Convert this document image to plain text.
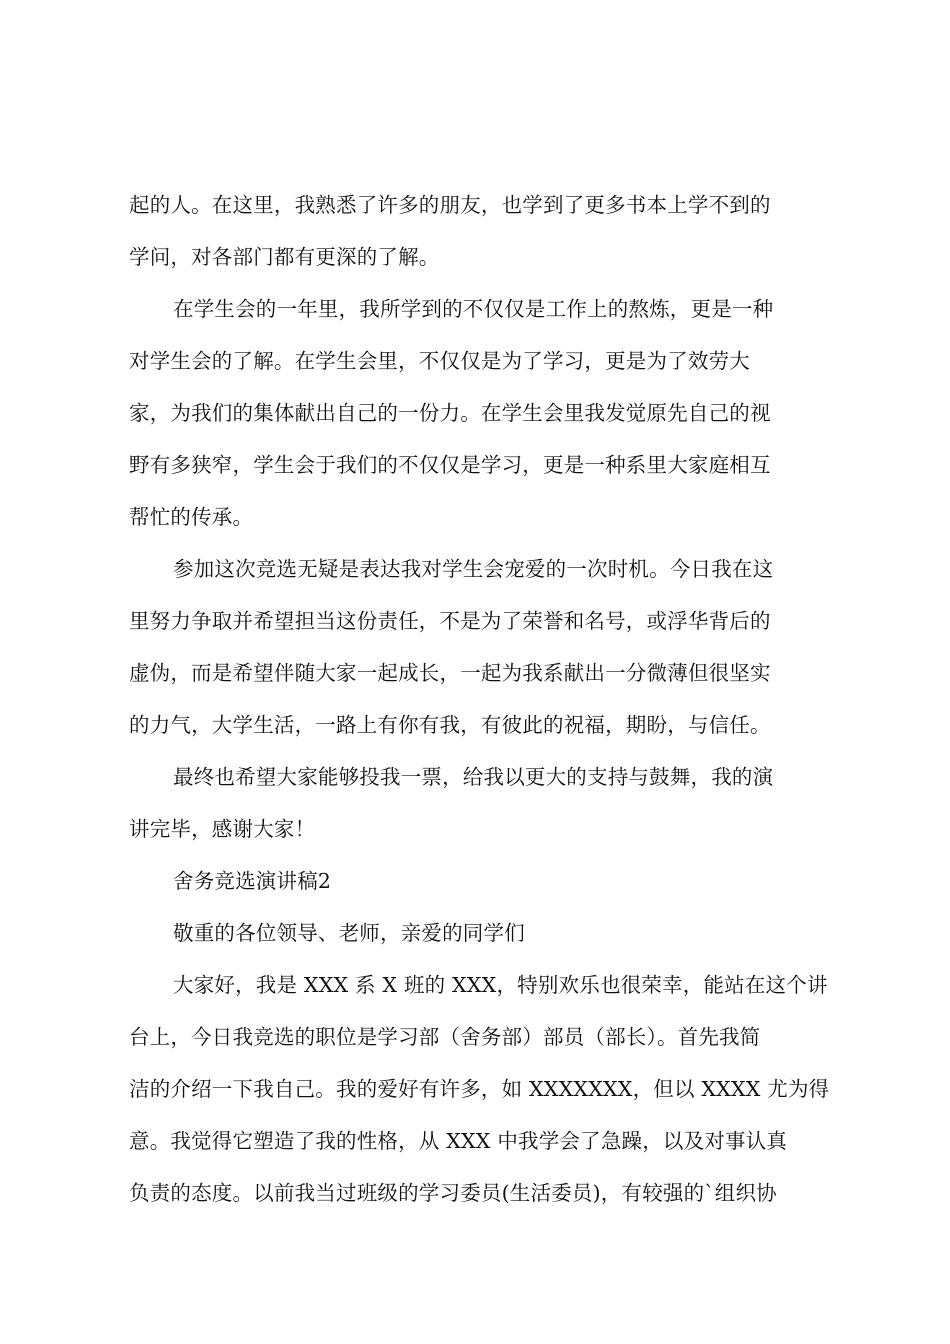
起的人。在这里，我熟悉了许多的朋友，也学到了更多书本上学不到的
学问，对各部门都有更深的了解。
在学生会的一年里，我所学到的不仅仅是工作上的熬炼，更是一种
对学生会的了解。在学生会里，不仅仅是为了学习，更是为了效劳大
家，为我们的集体献出自己的一份力。在学生会里我发觉原先自己的视
野有多狭窄，学生会于我们的不仅仅是学习，更是一种系里大家庭相互
帮忙的传承。
参加这次竞选无疑是表达我对学生会宠爱的一次时机。今日我在这
里努力争取并希望担当这份责任，不是为了荣誉和名号，或浮华背后的
虚伪，而是希望伴随大家一起成长，一起为我系献出一分微薄但很坚实
的力气，大学生活，一路上有你有我，有彼此的祝福，期盼，与信任。
最终也希望大家能够投我一票，给我以更大的支持与鼓舞，我的演
讲完毕，感谢大家！
舍务竞选演讲稿2
敬重的各位领导、老师，亲爱的同学们
大家好，我是 XXX 系 X 班的 XXX，特别欢乐也很荣幸，能站在这个讲
台上，今日我竞选的职位是学习部（舍务部）部员（部长）。首先我简
洁的介绍一下我自己。我的爱好有许多，如 XXXXXXX，但以 XXXX 尤为得
意。我觉得它塑造了我的性格，从 XXX 中我学会了急躁，以及对事认真
负责的态度。以前我当过班级的学习委员(生活委员)，有较强的`组织协
